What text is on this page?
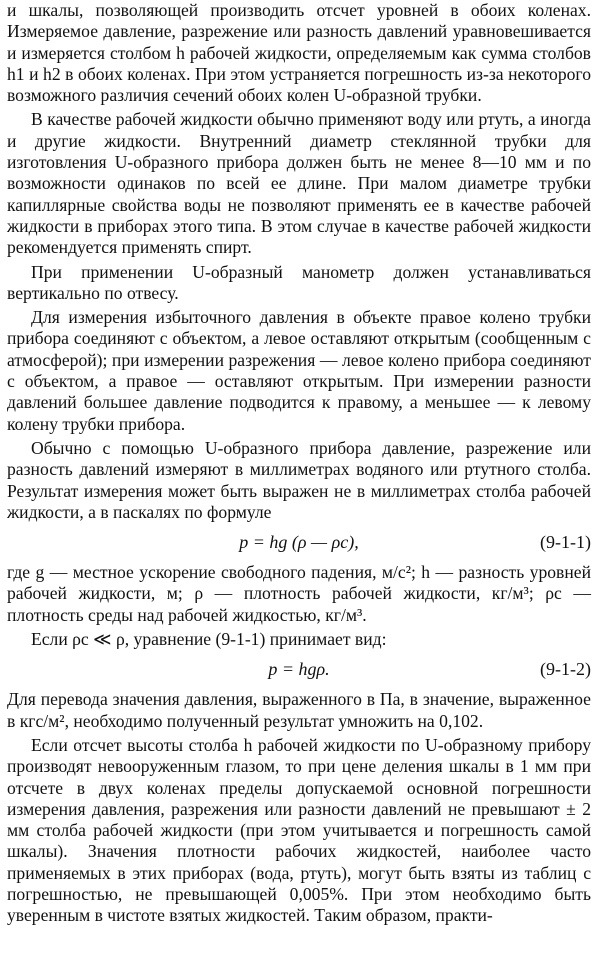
и шкалы, позволяющей производить отсчет уровней в обоих коленах. Измеряемое давление, разрежение или разность давлений уравновешивается и измеряется столбом h рабочей жидкости, определяемым как сумма столбов h1 и h2 в обоих коленах. При этом устраняется погрешность из-за некоторого возможного различия сечений обоих колен U-образной трубки.

В качестве рабочей жидкости обычно применяют воду или ртуть, а иногда и другие жидкости. Внутренний диаметр стеклянной трубки для изготовления U-образного прибора должен быть не менее 8—10 мм и по возможности одинаков по всей ее длине. При малом диаметре трубки капиллярные свойства воды не позволяют применять ее в качестве рабочей жидкости в приборах этого типа. В этом случае в качестве рабочей жидкости рекомендуется применять спирт.

При применении U-образный манометр должен устанавливаться вертикально по отвесу.

Для измерения избыточного давления в объекте правое колено трубки прибора соединяют с объектом, а левое оставляют открытым (сообщенным с атмосферой); при измерении разрежения — левое колено прибора соединяют с объектом, а правое — оставляют открытым. При измерении разности давлений большее давление подводится к правому, а меньшее — к левому колену трубки прибора.

Обычно с помощью U-образного прибора давление, разрежение или разность давлений измеряют в миллиметрах водяного или ртутного столба. Результат измерения может быть выражен не в миллиметрах столба рабочей жидкости, а в паскалях по формуле

p = hg (ρ — ρс),	(9-1-1)

где g — местное ускорение свободного падения, м/с²; h — разность уровней рабочей жидкости, м; ρ — плотность рабочей жидкости, кг/м³; ρс — плотность среды над рабочей жидкостью, кг/м³.

Если ρс ≪ ρ, уравнение (9-1-1) принимает вид:

p = hgρ.	(9-1-2)

Для перевода значения давления, выраженного в Па, в значение, выраженное в кгс/м², необходимо полученный результат умножить на 0,102.

Если отсчет высоты столба h рабочей жидкости по U-образному прибору производят невооруженным глазом, то при цене деления шкалы в 1 мм при отсчете в двух коленах пределы допускаемой основной погрешности измерения давления, разрежения или разности давлений не превышают ± 2 мм столба рабочей жидкости (при этом учитывается и погрешность самой шкалы). Значения плотности рабочих жидкостей, наиболее часто применяемых в этих приборах (вода, ртуть), могут быть взяты из таблиц с погрешностью, не превышающей 0,005%. При этом необходимо быть уверенным в чистоте взятых жидкостей. Таким образом, практи-
